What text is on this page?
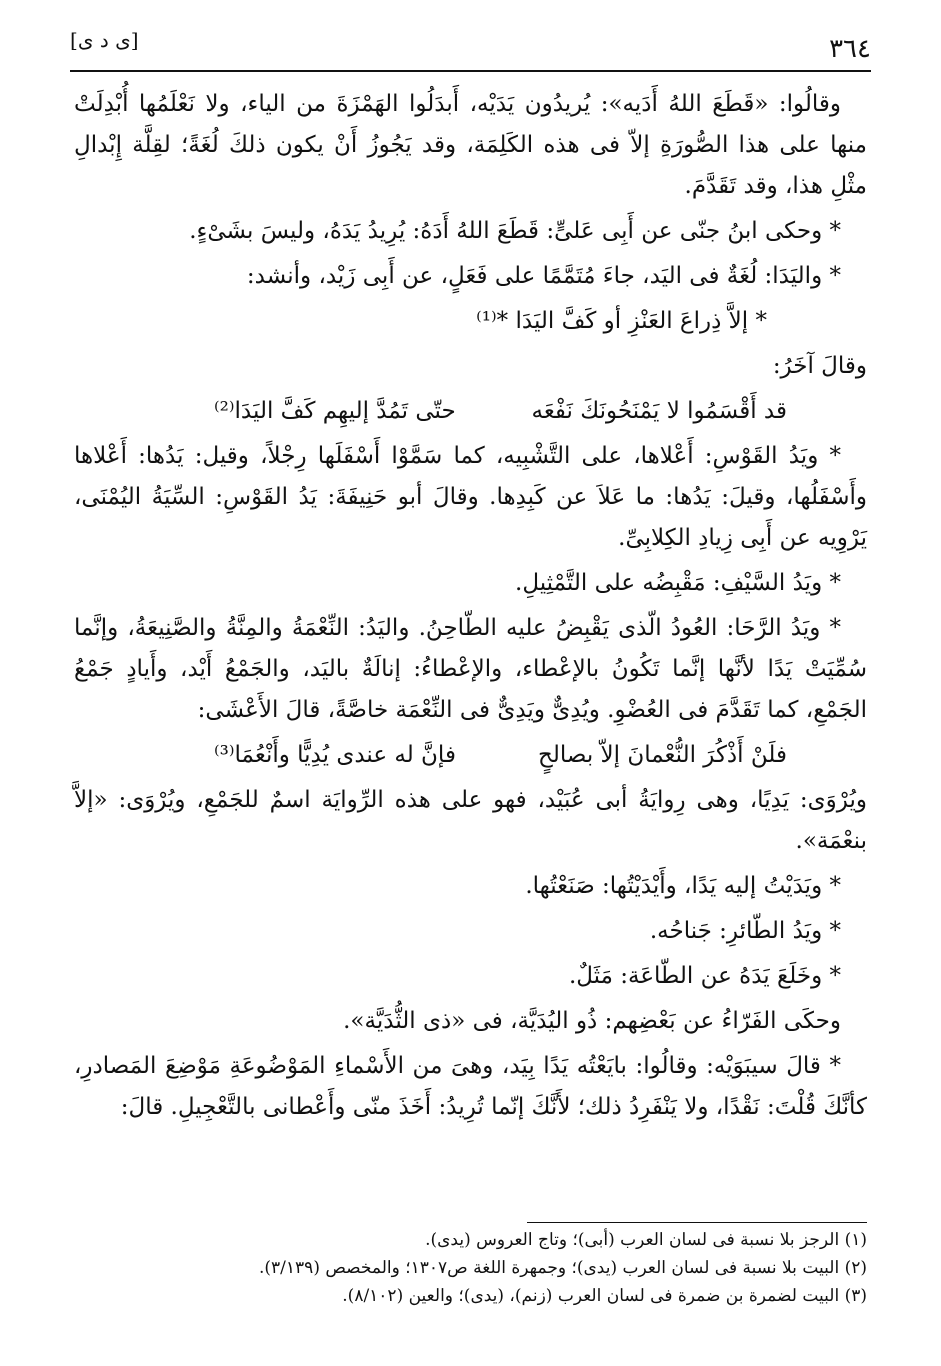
[ى د ى]	٣٦٤

وقالُوا: «قَطَعَ اللهُ أَدَيه»: يُريدُون يَدَيْه، أَبدَلُوا الهَمْزَةَ من الياء، ولا نَعْلَمُها أُبْدِلَتْ منها على هذا الصُّورَةِ إلاّ فى هذه الكَلِمَة، وقد يَجُوزُ أَنْ يكون ذلكَ لُغَةً؛ لقِلَّة إِبْدالِ مثْلِ هذا، وقد تَقَدَّمَ.

* وحكى ابنُ جنّى عن أَبِى عَلىٍّ: قَطَعَ اللهُ أَدَهُ: يُرِيدُ يَدَهُ، وليسَ بشَىْءٍ.

* واليَدَا: لُغَةٌ فى اليَد، جاءَ مُتَمَّمًا على فَعَلٍ، عن أَبِى زَيْد، وأنشد:

* إلاَّ ذِراعَ العَنْزِ أو كَفَّ اليَدَا *⁽¹⁾

وقالَ آخَرُ:

قد أَقْسَمُوا لا يَمْنَحُونَكَ نَفْعَه
حتّى تَمُدَّ إليهِم كَفَّ اليَدَا⁽²⁾

* ويَدُ القَوْسِ: أَعْلاها، على التَّشْبِيه، كما سَمَّوْا أَسْفَلَها رِجْلاً، وقيل: يَدُها: أَعْلاها وأَسْفَلُها، وقيلَ: يَدُها: ما عَلاَ عن كَبِدِها. وقالَ أبو حَنِيفَةَ: يَدُ القَوْسِ: السِّيَةُ اليُمْنَى، يَرْوِيه عن أَبِى زِيادِ الكِلابِىِّ.

* ويَدُ السَّيْفِ: مَقْبِضُه على التَّمْثِيلِ.

* ويَدُ الرَّحَا: العُودُ الّذى يَقْبِضُ عليه الطّاحِنُ. واليَدُ: النِّعْمَةُ والمِنَّةُ والصَّنِيعَةُ، وإنَّما سُمِّيَتْ يَدًا لأنَّها إنَّما تَكُونُ بالإعْطاء، والإعْطاءُ: إنالَةٌ باليَد، والجَمْعُ أَيْد، وأَيادٍ جَمْعُ الجَمْعِ، كما تَقَدَّمَ فى العُضْوِ. ويُدِىٌّ ويَدِىٌّ فى النِّعْمَة خاصَّةً، قالَ الأَعْشَى:

فلَنْ أَذْكُرَ النُّعْمانَ إلاّ بصالحٍ
فإنَّ له عندى يُدِيًّا وأَنْعُمَا⁽³⁾

ويُرْوَى: يَدِيًا، وهى رِوايَةُ أبى عُبَيْد، فهو على هذه الرِّوايَة اسمٌ للجَمْعِ، ويُرْوَى: «إلاَّ بنعْمَة».

* ويَدَيْتُ إليه يَدًا، وأَيْدَيْتُها: صَنَعْتُها.

* ويَدُ الطّائرِ: جَناحُه.

* وخَلَعَ يَدَهُ عن الطّاعَة: مَثَلٌ.

وحكَى الفَرّاءُ عن بَعْضِهم: ذُو اليُدَيَّة، فى «ذى الثُّدَيَّة».

* قالَ سيبَوَيْه: وقالُوا: بايَعْتُه يَدًا بِيَد، وهىَ من الأَسْماءِ المَوْضُوعَةِ مَوْضِعَ المَصادرِ، كأنَّكَ قُلْتَ: نَقْدًا، ولا يَنْفَرِدُ ذلك؛ لأَنَّكَ إنّما تُرِيدُ: أَخَذَ منّى وأَعْطانى بالتَّعْجِيلِ. قالَ:

(١) الرجز بلا نسبة فى لسان العرب (أبى)؛ وتاج العروس (يدى).

(٢) البيت بلا نسبة فى لسان العرب (يدى)؛ وجمهرة اللغة ص١٣٠٧؛ والمخصص (٣/١٣٩).

(٣) البيت لضمرة بن ضمرة فى لسان العرب (زنم)، (يدى)؛ والعين (٨/١٠٢).
